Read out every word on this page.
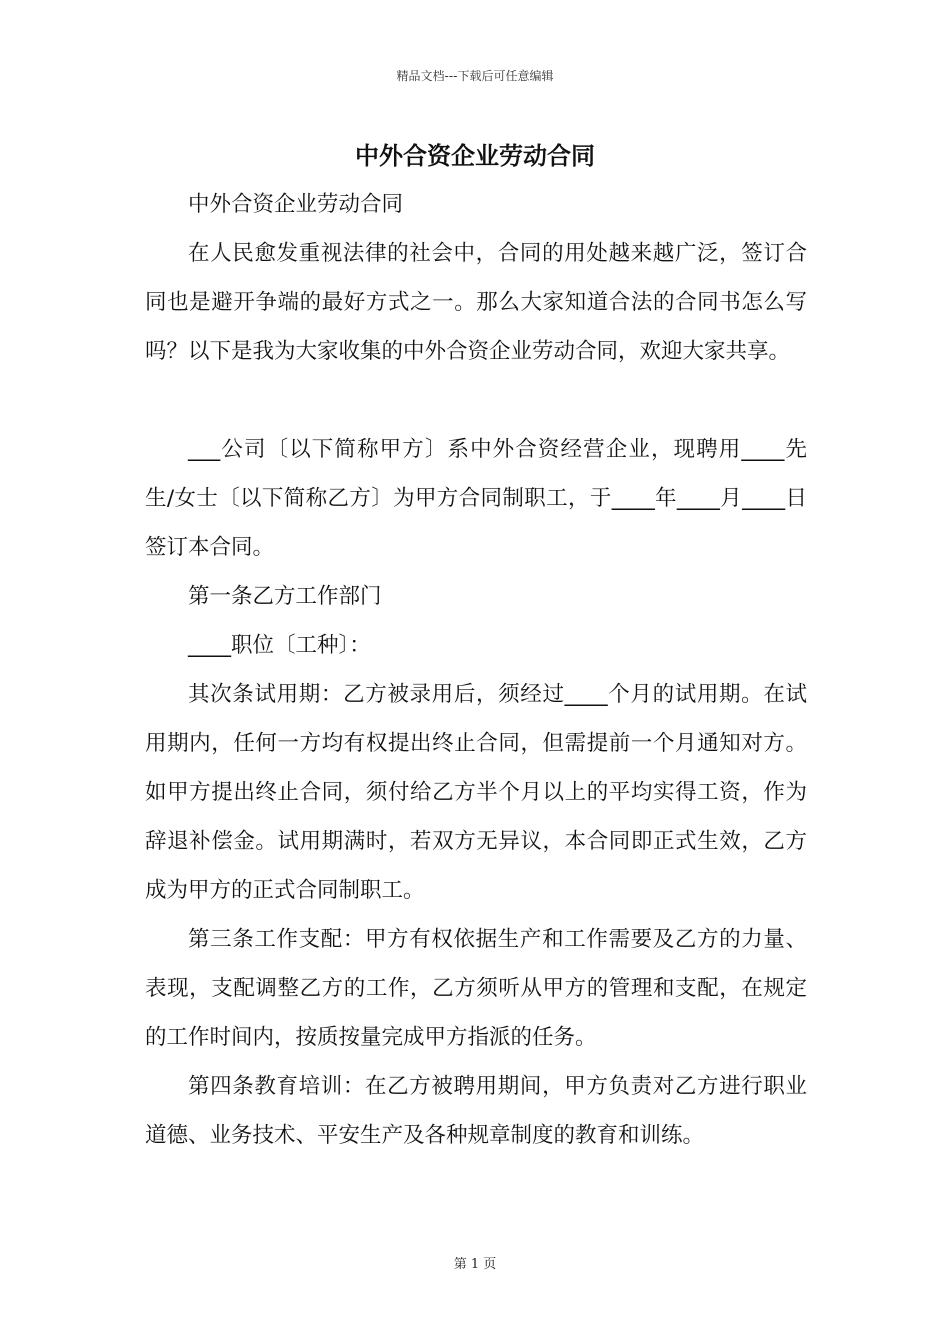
精品文档---下载后可任意编辑
中外合资企业劳动合同

中外合资企业劳动合同

在人民愈发重视法律的社会中，合同的用处越来越广泛，签订合同也是避开争端的最好方式之一。那么大家知道合法的合同书怎么写吗？以下是我为大家收集的中外合资企业劳动合同，欢迎大家共享。

___公司〔以下简称甲方〕系中外合资经营企业，现聘用____先生/女士〔以下简称乙方〕为甲方合同制职工，于____年____月____日签订本合同。

第一条乙方工作部门

____职位〔工种〕：

其次条试用期：乙方被录用后，须经过____个月的试用期。在试用期内，任何一方均有权提出终止合同，但需提前一个月通知对方。如甲方提出终止合同，须付给乙方半个月以上的平均实得工资，作为辞退补偿金。试用期满时，若双方无异议，本合同即正式生效，乙方成为甲方的正式合同制职工。

第三条工作支配：甲方有权依据生产和工作需要及乙方的力量、表现，支配调整乙方的工作，乙方须听从甲方的管理和支配，在规定的工作时间内，按质按量完成甲方指派的任务。

第四条教育培训：在乙方被聘用期间，甲方负责对乙方进行职业道德、业务技术、平安生产及各种规章制度的教育和训练。

第 1 页
